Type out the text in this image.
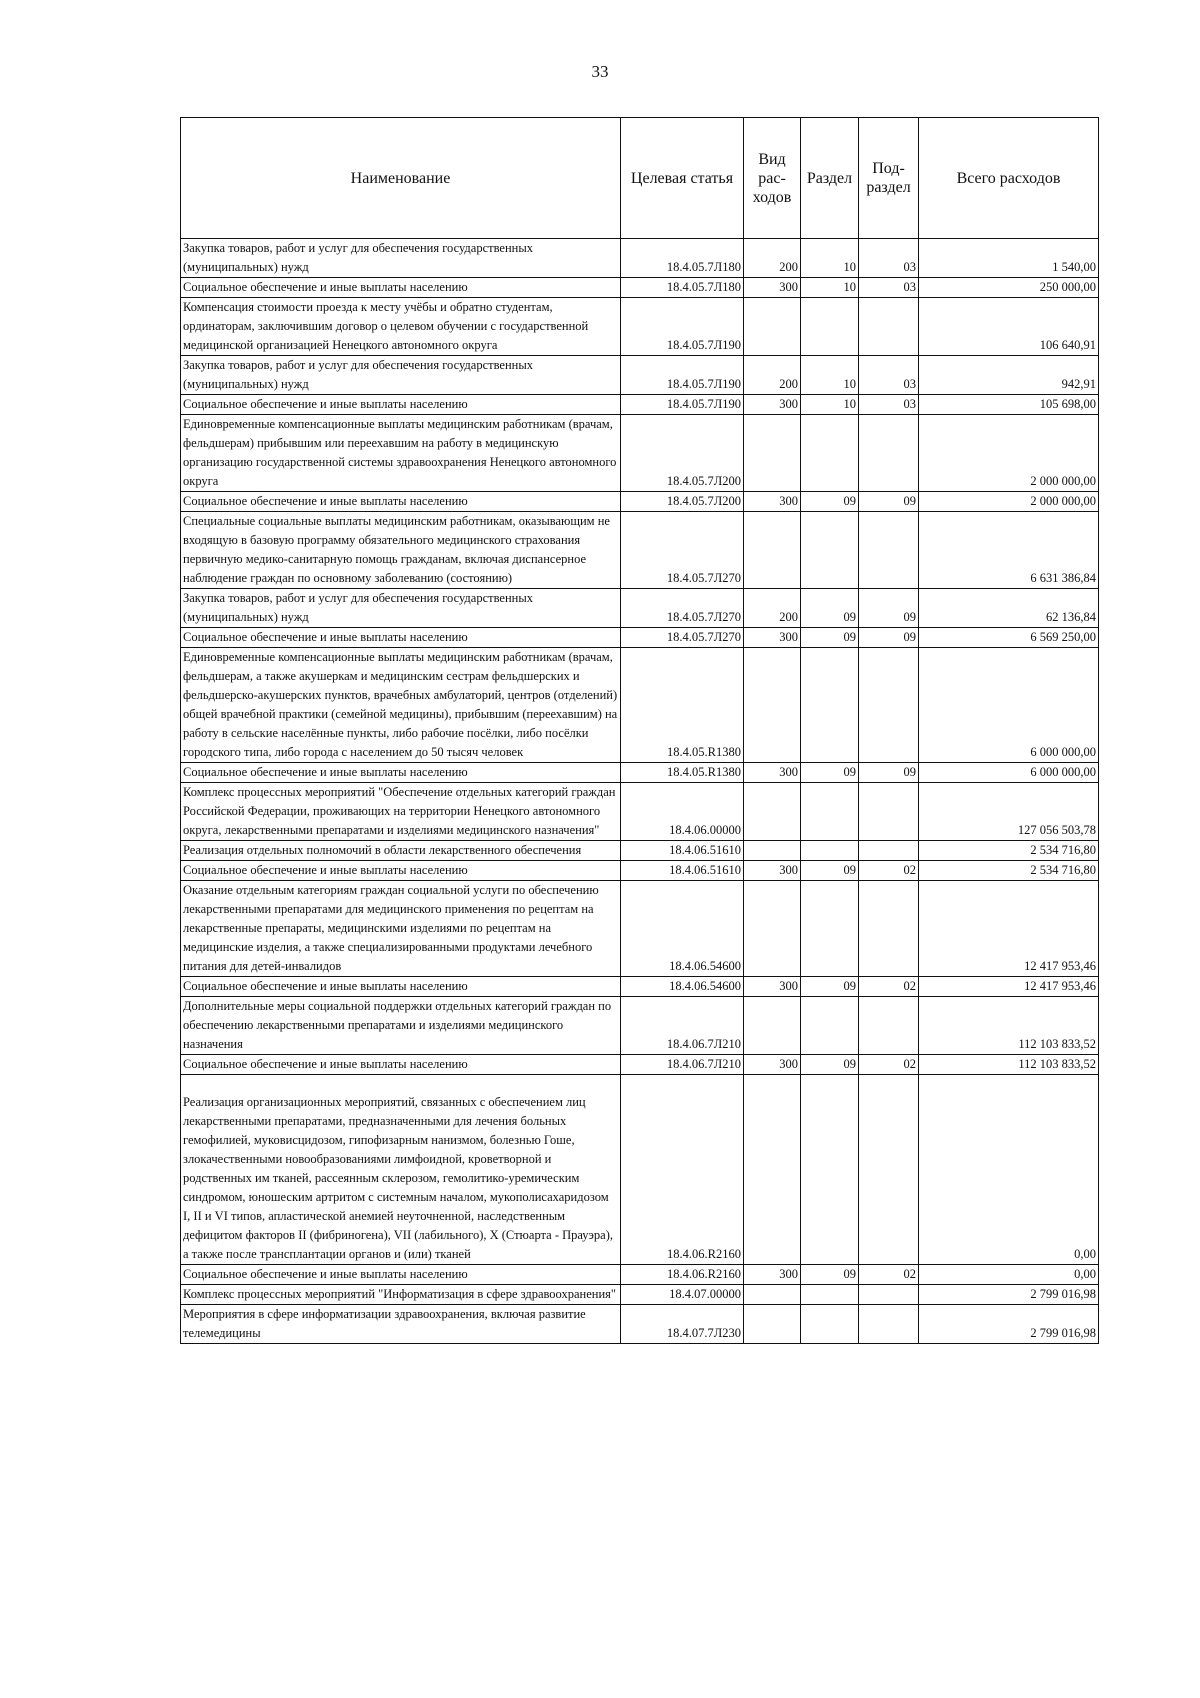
33
Наименование	Целевая статья	Вид рас- ходов	Раздел	Под- раздел	Всего расходов
Закупка товаров, работ и услуг для обеспечения государственных (муниципальных) нужд	18.4.05.7Л180	200	10	03	1 540,00
Социальное обеспечение и иные выплаты населению	18.4.05.7Л180	300	10	03	250 000,00
Компенсация стоимости проезда к месту учёбы и обратно студентам, ординаторам, заключившим договор о целевом обучении с государственной медицинской организацией Ненецкого автономного округа	18.4.05.7Л190				106 640,91
Закупка товаров, работ и услуг для обеспечения государственных (муниципальных) нужд	18.4.05.7Л190	200	10	03	942,91
Социальное обеспечение и иные выплаты населению	18.4.05.7Л190	300	10	03	105 698,00
Единовременные компенсационные выплаты медицинским работникам (врачам, фельдшерам) прибывшим или переехавшим на работу в медицинскую организацию государственной системы здравоохранения Ненецкого автономного округа	18.4.05.7Л200				2 000 000,00
Социальное обеспечение и иные выплаты населению	18.4.05.7Л200	300	09	09	2 000 000,00
Специальные социальные выплаты медицинским работникам, оказывающим не входящую в базовую программу обязательного медицинского страхования первичную медико-санитарную помощь гражданам, включая диспансерное наблюдение граждан по основному заболеванию (состоянию)	18.4.05.7Л270				6 631 386,84
Закупка товаров, работ и услуг для обеспечения государственных (муниципальных) нужд	18.4.05.7Л270	200	09	09	62 136,84
Социальное обеспечение и иные выплаты населению	18.4.05.7Л270	300	09	09	6 569 250,00
Единовременные компенсационные выплаты медицинским работникам (врачам, фельдшерам, а также акушеркам и медицинским сестрам фельдшерских и фельдшерско-акушерских пунктов, врачебных амбулаторий, центров (отделений) общей врачебной практики (семейной медицины), прибывшим (переехавшим) на работу в сельские населённые пункты, либо рабочие посёлки, либо посёлки городского типа, либо города с населением до 50 тысяч человек	18.4.05.R1380				6 000 000,00
Социальное обеспечение и иные выплаты населению	18.4.05.R1380	300	09	09	6 000 000,00
Комплекс процессных мероприятий "Обеспечение отдельных категорий граждан Российской Федерации, проживающих на территории Ненецкого автономного округа, лекарственными препаратами и изделиями медицинского назначения"	18.4.06.00000				127 056 503,78
Реализация отдельных полномочий в области лекарственного обеспечения	18.4.06.51610				2 534 716,80
Социальное обеспечение и иные выплаты населению	18.4.06.51610	300	09	02	2 534 716,80
Оказание отдельным категориям граждан социальной услуги по обеспечению лекарственными препаратами для медицинского применения по рецептам на лекарственные препараты, медицинскими изделиями по рецептам на медицинские изделия, а также специализированными продуктами лечебного питания для детей-инвалидов	18.4.06.54600				12 417 953,46
Социальное обеспечение и иные выплаты населению	18.4.06.54600	300	09	02	12 417 953,46
Дополнительные меры социальной поддержки отдельных категорий граждан по обеспечению лекарственными препаратами и изделиями медицинского назначения	18.4.06.7Л210				112 103 833,52
Социальное обеспечение и иные выплаты населению	18.4.06.7Л210	300	09	02	112 103 833,52
Реализация организационных мероприятий, связанных с обеспечением лиц лекарственными препаратами, предназначенными для лечения больных гемофилией, муковисцидозом, гипофизарным нанизмом, болезнью Гоше, злокачественными новообразованиями лимфоидной, кроветворной и родственных им тканей, рассеянным склерозом, гемолитико-уремическим синдромом, юношеским артритом с системным началом, мукополисахаридозом I, II и VI типов, апластической анемией неуточненной, наследственным дефицитом факторов II (фибриногена), VII (лабильного), X (Стюарта - Прауэра), а также после трансплантации органов и (или) тканей	18.4.06.R2160				0,00
Социальное обеспечение и иные выплаты населению	18.4.06.R2160	300	09	02	0,00
Комплекс процессных мероприятий "Информатизация в сфере здравоохранения"	18.4.07.00000				2 799 016,98
Мероприятия в сфере информатизации здравоохранения, включая развитие телемедицины	18.4.07.7Л230				2 799 016,98
